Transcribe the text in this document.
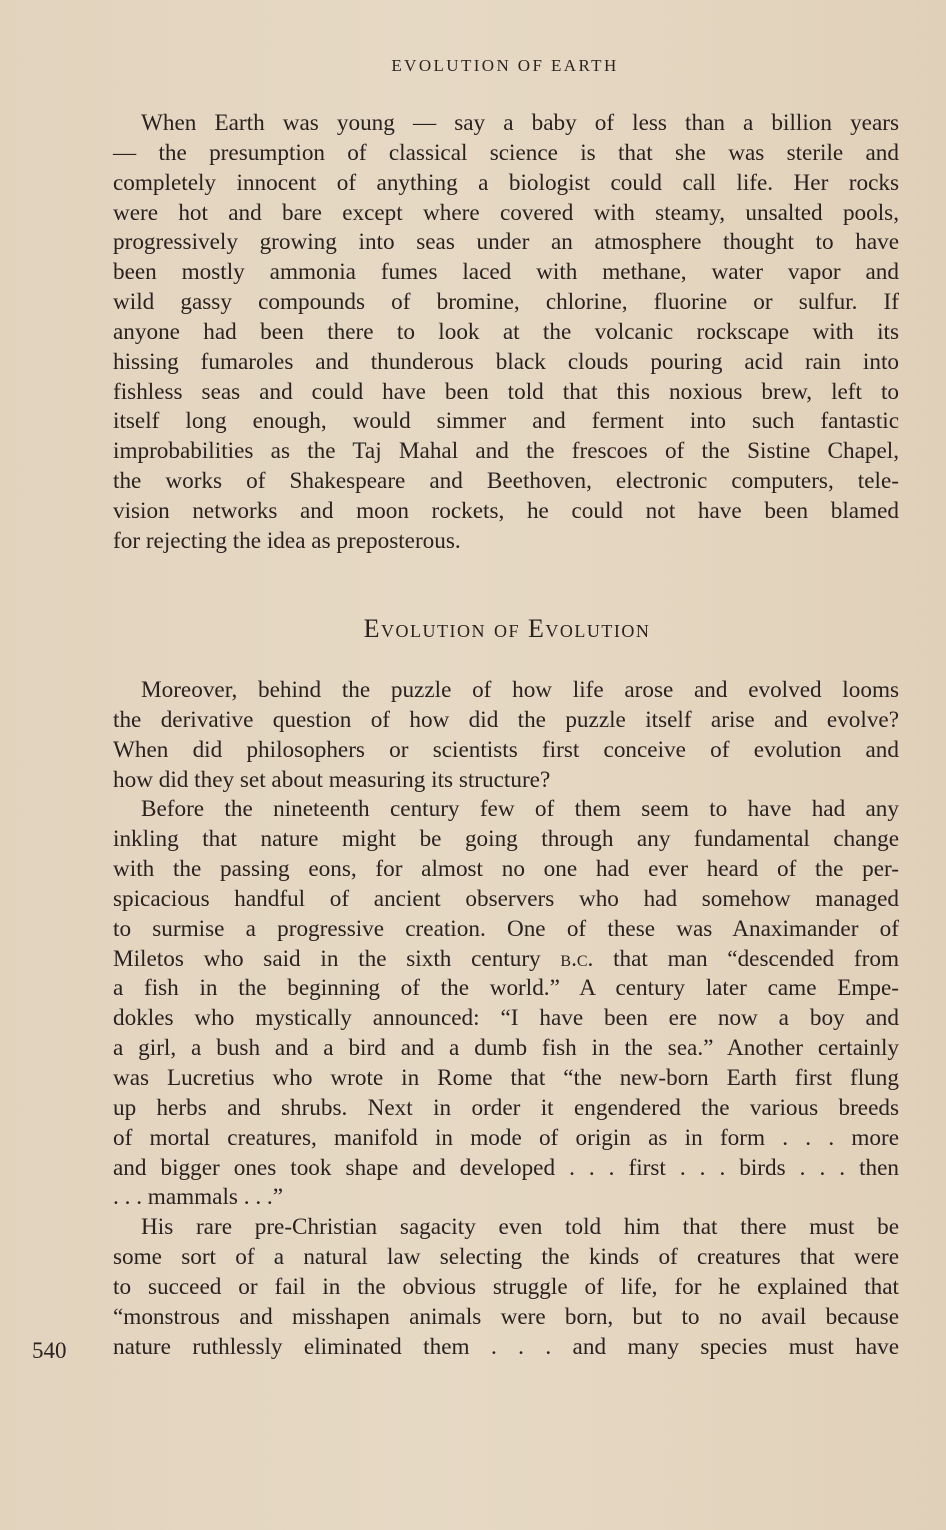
EVOLUTION OF EARTH
When Earth was young — say a baby of less than a billion years
— the presumption of classical science is that she was sterile and
completely innocent of anything a biologist could call life. Her rocks
were hot and bare except where covered with steamy, unsalted pools,
progressively growing into seas under an atmosphere thought to have
been mostly ammonia fumes laced with methane, water vapor and
wild gassy compounds of bromine, chlorine, fluorine or sulfur. If
anyone had been there to look at the volcanic rockscape with its
hissing fumaroles and thunderous black clouds pouring acid rain into
fishless seas and could have been told that this noxious brew, left to
itself long enough, would simmer and ferment into such fantastic
improbabilities as the Taj Mahal and the frescoes of the Sistine Chapel,
the works of Shakespeare and Beethoven, electronic computers, tele-
vision networks and moon rockets, he could not have been blamed
for rejecting the idea as preposterous.
Evolution of Evolution
Moreover, behind the puzzle of how life arose and evolved looms
the derivative question of how did the puzzle itself arise and evolve?
When did philosophers or scientists first conceive of evolution and
how did they set about measuring its structure?
Before the nineteenth century few of them seem to have had any
inkling that nature might be going through any fundamental change
with the passing eons, for almost no one had ever heard of the per-
spicacious handful of ancient observers who had somehow managed
to surmise a progressive creation. One of these was Anaximander of
Miletos who said in the sixth century b.c. that man “descended from
a fish in the beginning of the world.” A century later came Empe-
dokles who mystically announced: “I have been ere now a boy and
a girl, a bush and a bird and a dumb fish in the sea.” Another certainly
was Lucretius who wrote in Rome that “the new-born Earth first flung
up herbs and shrubs. Next in order it engendered the various breeds
of mortal creatures, manifold in mode of origin as in form . . . more
and bigger ones took shape and developed . . . first . . . birds . . . then
. . . mammals . . .”
His rare pre-Christian sagacity even told him that there must be
some sort of a natural law selecting the kinds of creatures that were
to succeed or fail in the obvious struggle of life, for he explained that
“monstrous and misshapen animals were born, but to no avail because
nature ruthlessly eliminated them . . . and many species must have
540
